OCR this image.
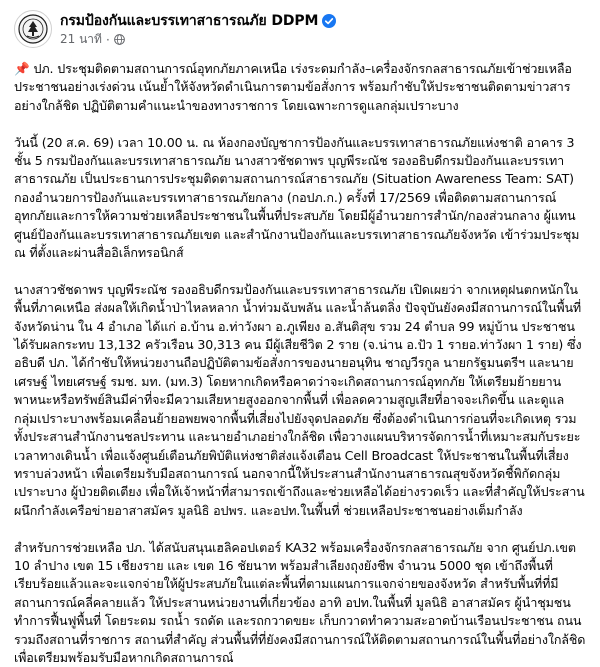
กรมป้องกันและบรรเทาสาธารณภัย DDPM
21 นาที ·

📌 ปภ. ประชุมติดตามสถานการณ์อุทกภัยภาคเหนือ เร่งระดมกำลัง–เครื่องจักรกลสาธารณภัยเข้าช่วยเหลือประชาชนอย่างเร่งด่วน เน้นย้ำให้จังหวัดดำเนินการตามข้อสั่งการ พร้อมกำชับให้ประชาชนติดตามข่าวสารอย่างใกล้ชิด ปฏิบัติตามคำแนะนำของทางราชการ โดยเฉพาะการดูแลกลุ่มเปราะบาง

วันนี้ (20 ส.ค. 69) เวลา 10.00 น. ณ ห้องกองบัญชาการป้องกันและบรรเทาสาธารณภัยแห่งชาติ อาคาร 3 ชั้น 5 กรมป้องกันและบรรเทาสาธารณภัย นางสาวชัชดาพร บุญพีระณัช รองอธิบดีกรมป้องกันและบรรเทาสาธารณภัย เป็นประธานการประชุมติดตามสถานการณ์สาธารณภัย (Situation Awareness Team: SAT) กองอำนวยการป้องกันและบรรเทาสาธารณภัยกลาง (กอปภ.ก.) ครั้งที่ 17/2569 เพื่อติดตามสถานการณ์อุทกภัยและการให้ความช่วยเหลือประชาชนในพื้นที่ประสบภัย โดยมีผู้อำนวยการสำนัก/กองส่วนกลาง ผู้แทนศูนย์ป้องกันและบรรเทาสาธารณภัยเขต และสำนักงานป้องกันและบรรเทาสาธารณภัยจังหวัด เข้าร่วมประชุม ณ ที่ตั้งและผ่านสื่ออิเล็กทรอนิกส์

นางสาวชัชดาพร บุญพีระณัช รองอธิบดีกรมป้องกันและบรรเทาสาธารณภัย เปิดเผยว่า จากเหตุฝนตกหนักในพื้นที่ภาคเหนือ ส่งผลให้เกิดน้ำป่าไหลหลาก น้ำท่วมฉับพลัน และน้ำล้นตลิ่ง ปัจจุบันยังคงมีสถานการณ์ในพื้นที่จังหวัดน่าน ใน 4 อำเภอ ได้แก่ อ.บ้าน อ.ท่าวังผา อ.ภูเพียง อ.สันติสุข รวม 24 ตำบล 99 หมู่บ้าน ประชาชนได้รับผลกระทบ 13,132 ครัวเรือน 30,313 คน มีผู้เสียชีวิต 2 ราย (จ.น่าน อ.ปัว 1 รายอ.ท่าวังผา 1 ราย) ซึ่ง อธิบดี ปภ. ได้กำชับให้หน่วยงานถือปฏิบัติตามข้อสั่งการของนายอนุทิน ชาญวีรกูล นายกรัฐมนตรีฯ และนายเศรษฐ์ ไทยเศรษฐ์ รมช. มท. (มท.3) โดยหากเกิดหรือคาดว่าจะเกิดสถานการณ์อุทกภัย ให้เตรียมย้ายยานพาหนะหรือทรัพย์สินมีค่าที่จะมีความเสียหายสูงออกจากพื้นที่ เพื่อลดความสูญเสียที่อาจจะเกิดขึ้น และดูแลกลุ่มเปราะบางพร้อมเคลื่อนย้ายอพยพจากพื้นที่เสี่ยงไปยังจุดปลอดภัย ซึ่งต้องดำเนินการก่อนที่จะเกิดเหตุ รวมทั้งประสานสำนักงานชลประทาน และนายอำเภอย่างใกล้ชิด เพื่อวางแผนบริหารจัดการน้ำที่เหมาะสมกับระยะเวลาทางเดินน้ำ เพื่อแจ้งศูนย์เตือนภัยพิบัติแห่งชาติส่งแจ้งเตือน Cell Broadcast ให้ประชาชนในพื้นที่เสี่ยงทราบล่วงหน้า เพื่อเตรียมรับมือสถานการณ์ นอกจากนี้ให้ประสานสำนักงานสาธารณสุขจังหวัดชี้พิกัดกลุ่มเปราะบาง ผู้ป่วยติดเตียง เพื่อให้เจ้าหน้าที่สามารถเข้าถึงและช่วยเหลือได้อย่างรวดเร็ว และที่สำคัญให้ประสานผนึกกำลังเครือข่ายอาสาสมัคร มูลนิธิ อปพร. และอปท.ในพื้นที่ ช่วยเหลือประชาชนอย่างเต็มกำลัง

สำหรับการช่วยเหลือ ปภ. ได้สนับสนุนเฮลิคอปเตอร์ KA32 พร้อมเครื่องจักรกลสาธารณภัย จาก ศูนย์ปภ.เขต 10 ลำปาง เขต 15 เชียงราย และ เขต 16 ชัยนาท พร้อมสำเลียงถุงยังชีพ จำนวน 5000 ชุด เข้าถึงพื้นที่เรียบร้อยแล้วและจะแจกจ่ายให้ผู้ประสบภัยในแต่ละพื้นที่ตามแผนการแจกจ่ายของจังหวัด สำหรับพื้นที่ที่มีสถานการณ์คลี่คลายแล้ว ให้ประสานหน่วยงานที่เกี่ยวข้อง อาทิ อปท.ในพื้นที่ มูลนิธิ อาสาสมัคร ผู้นำชุมชนทำการฟื้นฟูพื้นที่ โดยระดม รถน้ำ รถดัด และรถกวาดขยะ เก็บกวาดทำความสะอาดบ้านเรือนประชาชน ถนน รวมถึงสถานที่ราชการ สถานที่สำคัญ ส่วนพื้นที่ที่ยังคงมีสถานการณ์ให้ติดตามสถานการณ์ในพื้นที่อย่างใกล้ชิด เพื่อเตรียมพร้อมรับมือหากเกิดสถานการณ์
